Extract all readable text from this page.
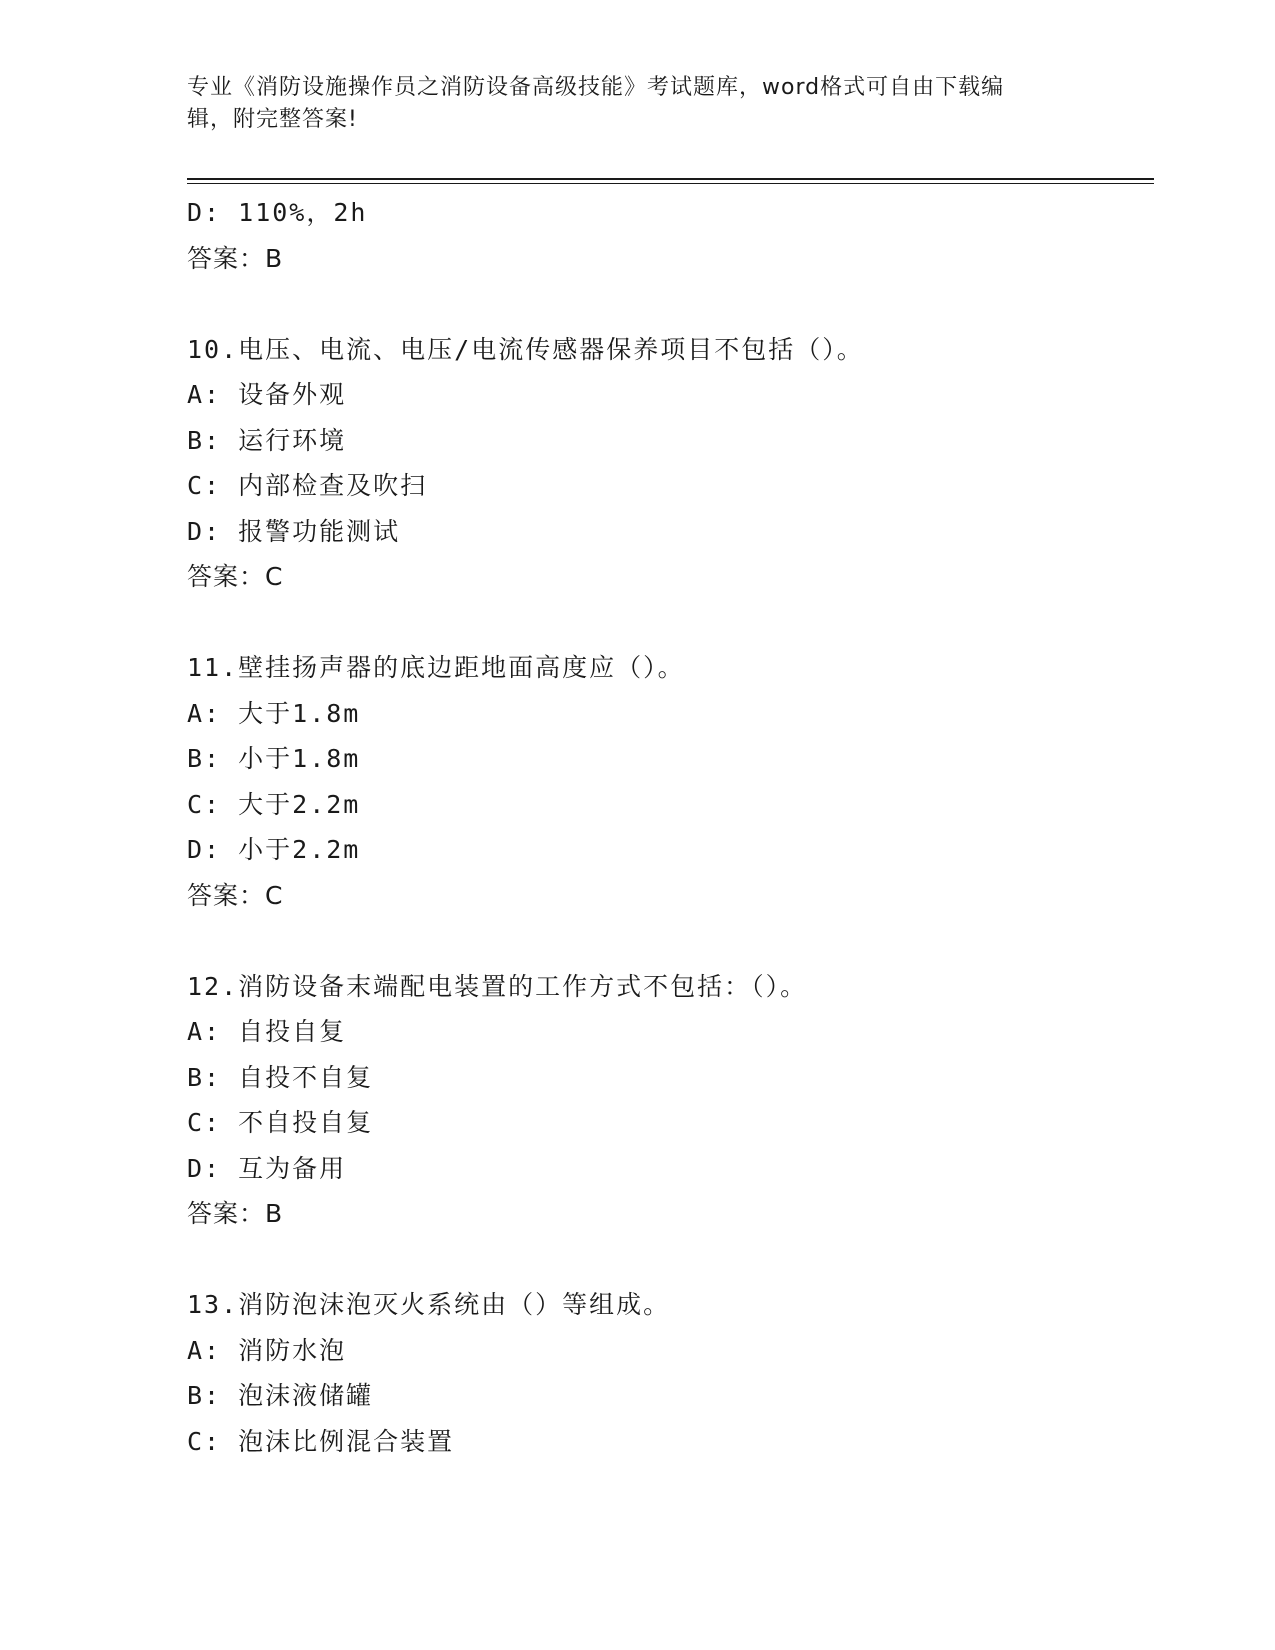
专业《消防设施操作员之消防设备高级技能》考试题库，word格式可自由下载编
辑，附完整答案!
D: 110%，2h
答案：B
10.电压、电流、电压/电流传感器保养项目不包括（）。
A: 设备外观
B: 运行环境
C: 内部检查及吹扫
D: 报警功能测试
答案：C
11.壁挂扬声器的底边距地面高度应（）。
A: 大于1.8m
B: 小于1.8m
C: 大于2.2m
D: 小于2.2m
答案：C
12.消防设备末端配电装置的工作方式不包括：（）。
A: 自投自复
B: 自投不自复
C: 不自投自复
D: 互为备用
答案：B
13.消防泡沫泡灭火系统由（）等组成。
A: 消防水泡
B: 泡沫液储罐
C: 泡沫比例混合装置
